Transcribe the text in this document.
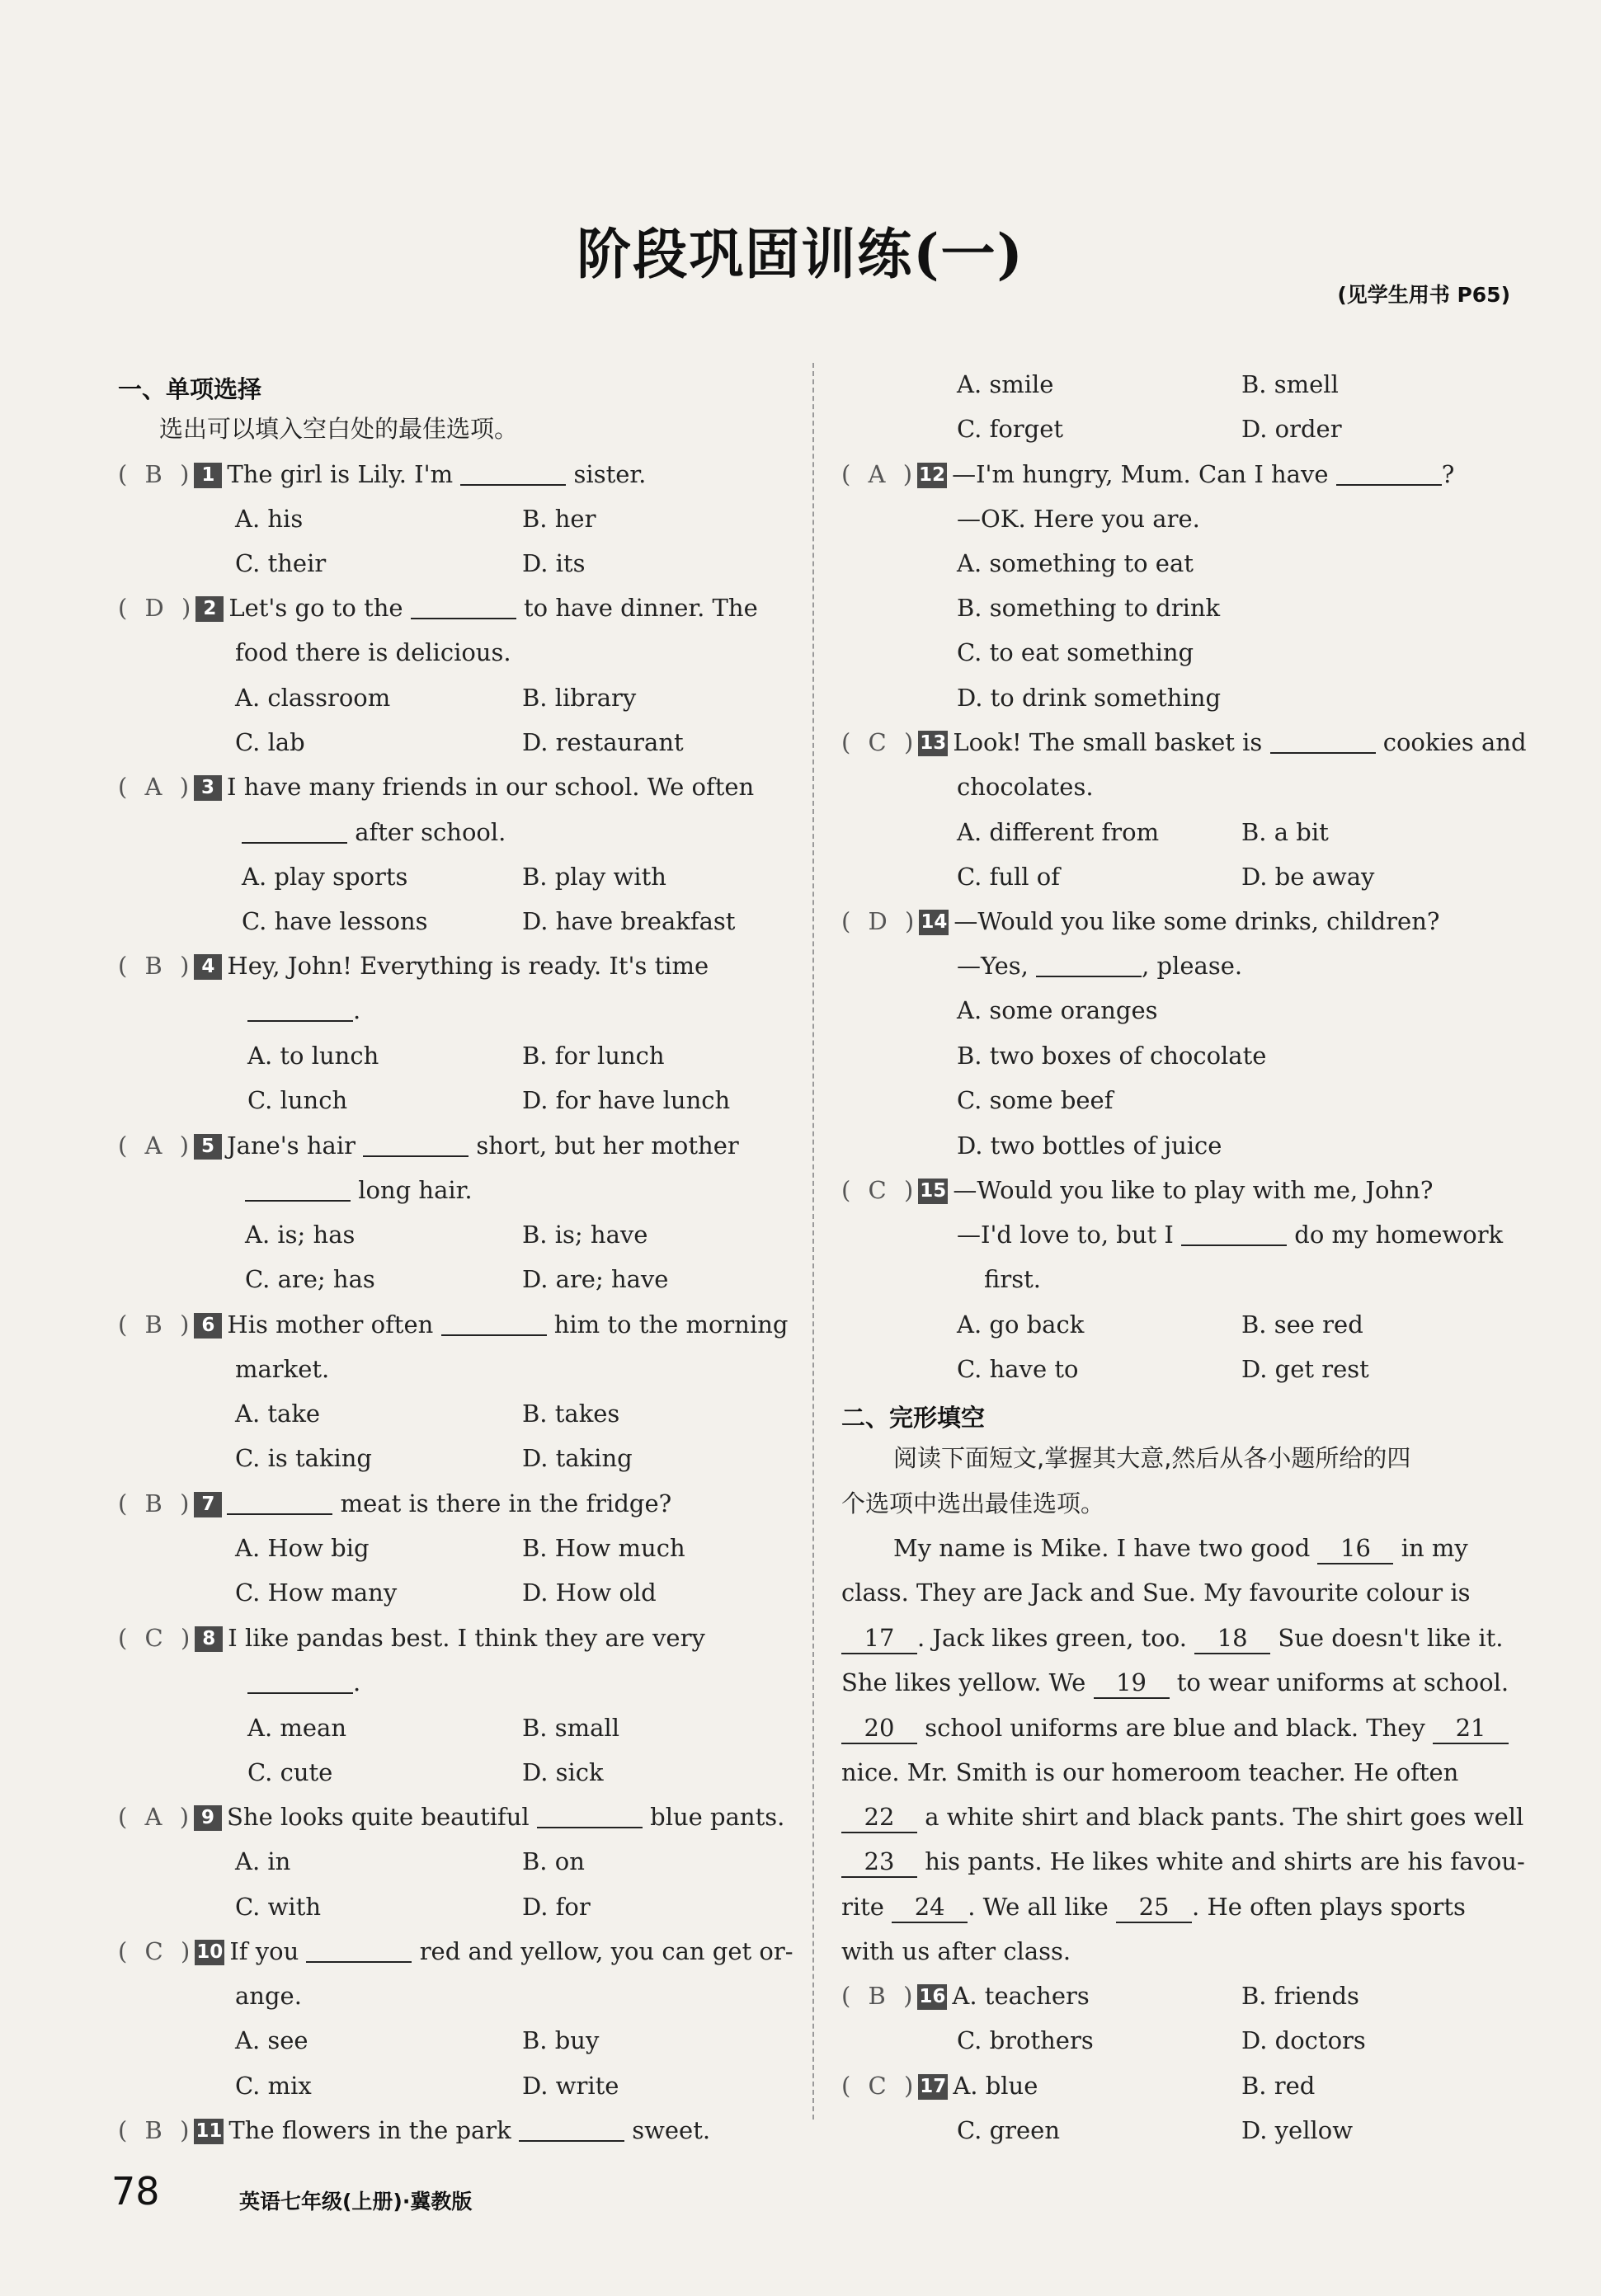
阶段巩固训练(一)
(见学生用书 P65)
一、单项选择
选出可以填入空白处的最佳选项。
( B ) 1 The girl is Lily. I'm	sister.
A. his	B. her
C. their	D. its
( D ) 2 Let's go to the	to have dinner. The
food there is delicious.
A. classroom	B. library
C. lab	D. restaurant
( A ) 3 I have many friends in our school. We often
after school.
A. play sports	B. play with
C. have lessons	D. have breakfast
( B ) 4 Hey, John! Everything is ready. It's time
.
A. to lunch	B. for lunch
C. lunch	D. for have lunch
( A ) 5 Jane's hair	short, but her mother
long hair.
A. is; has	B. is; have
C. are; has	D. are; have
( B ) 6 His mother often	him to the morning
market.
A. take	B. takes
C. is taking	D. taking
( B ) 7	meat is there in the fridge?
A. How big	B. How much
C. How many	D. How old
( C ) 8 I like pandas best. I think they are very
.
A. mean	B. small
C. cute	D. sick
( A ) 9 She looks quite beautiful	blue pants.
A. in	B. on
C. with	D. for
( C )10 If you	red and yellow, you can get or-
ange.
A. see	B. buy
C. mix	D. write
( B )11 The flowers in the park	sweet.
A. smile	B. smell
C. forget	D. order
( A )12 —I'm hungry, Mum. Can I have	?
—OK. Here you are.
A. something to eat
B. something to drink
C. to eat something
D. to drink something
( C )13 Look! The small basket is	cookies and
chocolates.
A. different from	B. a bit
C. full of	D. be away
( D )14 —Would you like some drinks, children?
—Yes,	, please.
A. some oranges
B. two boxes of chocolate
C. some beef
D. two bottles of juice
( C )15 —Would you like to play with me, John?
—I'd love to, but I	do my homework
first.
A. go back	B. see red
C. have to	D. get rest
二、完形填空
阅读下面短文,掌握其大意,然后从各小题所给的四
个选项中选出最佳选项。
My name is Mike. I have two good 16 in my
class. They are Jack and Sue. My favourite colour is
17 . Jack likes green, too. 18 Sue doesn't like it.
She likes yellow. We 19 to wear uniforms at school.
20 school uniforms are blue and black. They 21
nice. Mr. Smith is our homeroom teacher. He often
22 a white shirt and black pants. The shirt goes well
23 his pants. He likes white and shirts are his favou-
rite 24 . We all like 25 . He often plays sports
with us after class.
( B )16 A. teachers	B. friends
C. brothers	D. doctors
( C )17 A. blue	B. red
C. green	D. yellow
78	英语七年级(上册)·冀教版
